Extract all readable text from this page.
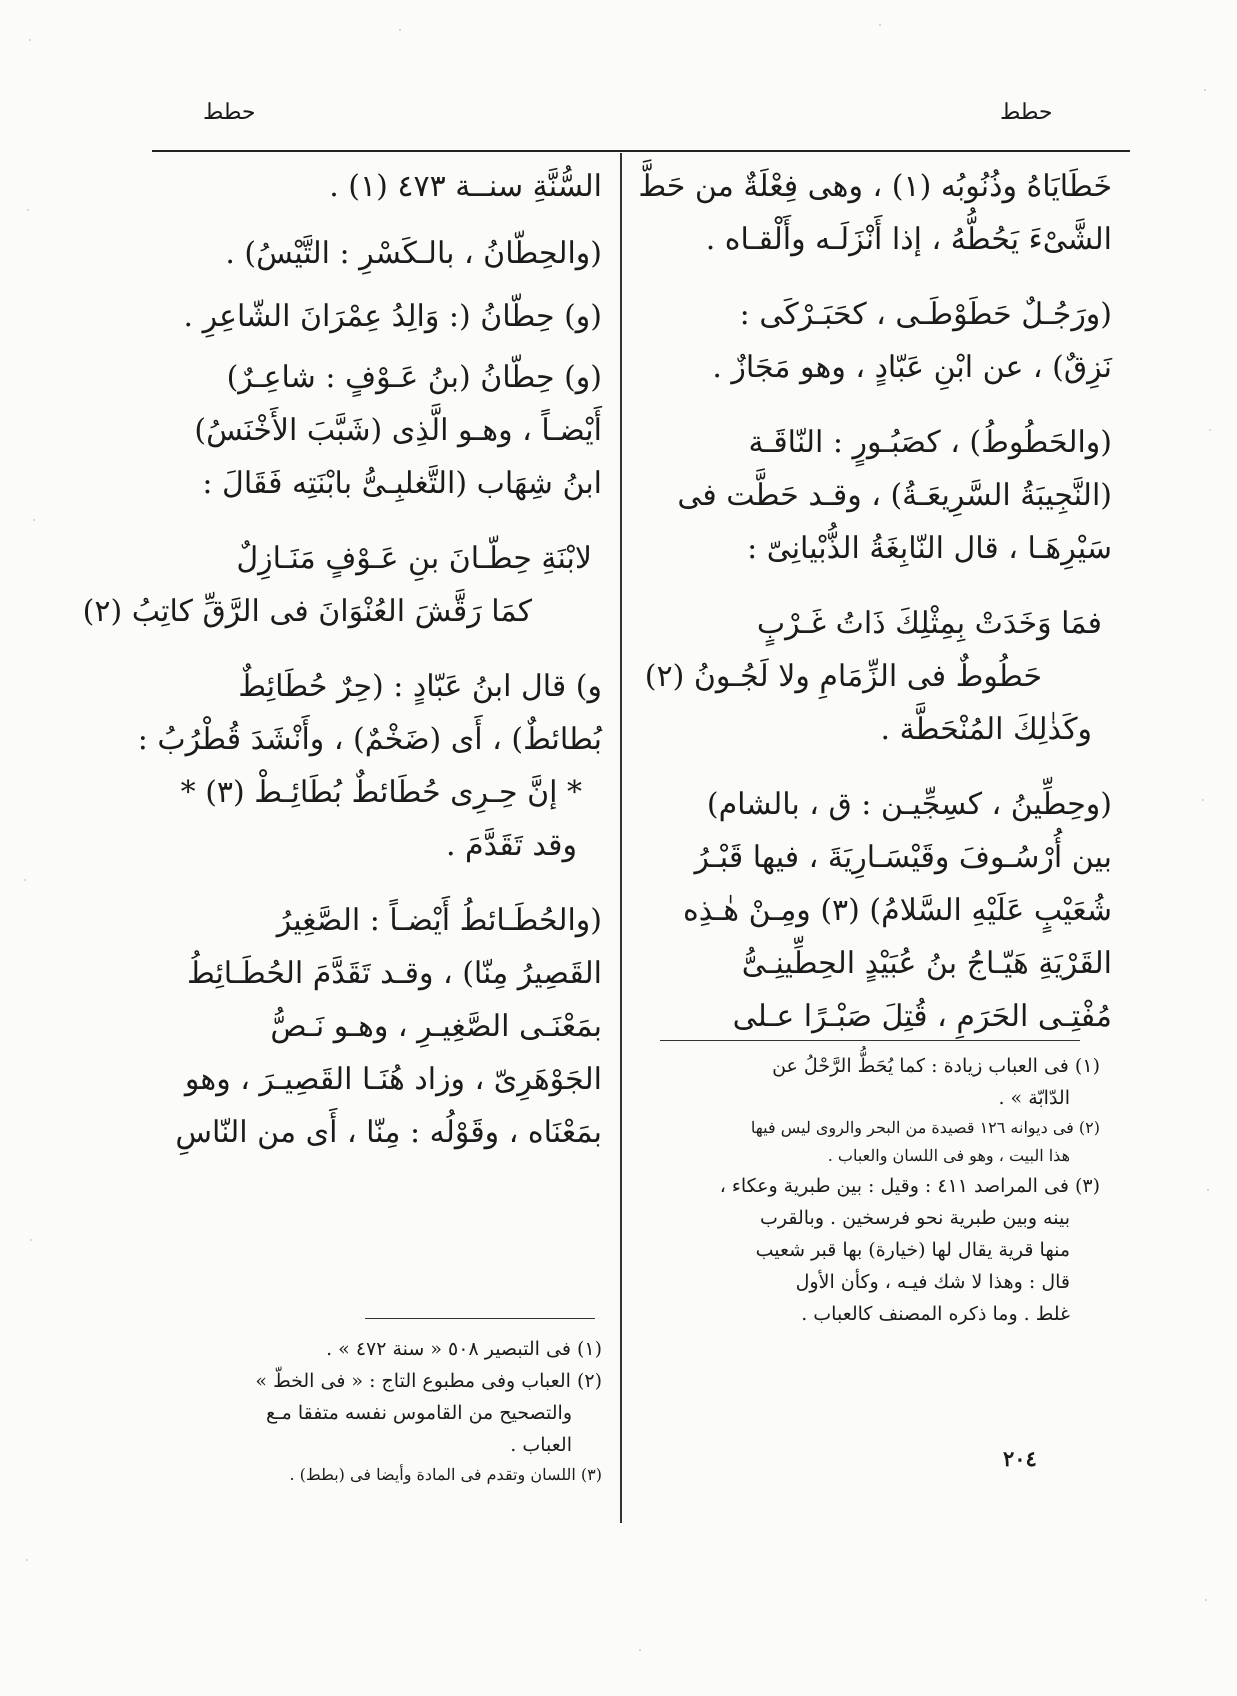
حطط
حطط
خَطَايَاهُ وذُنُوبُه (١) ، وهى فِعْلَةٌ من حَطَّ
الشَّىْءَ يَحُطُّهُ ، إذا أَنْزَلَـه وأَلْقـاه .
(ورَجُـلٌ حَطَوْطَـى ، كحَبَـرْكَى :
نَزِقٌ) ، عن ابْنِ عَبّادٍ ، وهو مَجَازٌ .
(والحَطُوطُ) ، كصَبُـورٍ : النّاقَـة
(النَّجِيبَةُ السَّرِيعَـةُ) ، وقـد حَطَّت فى
سَيْرِهَـا ، قال النّابِغَةُ الذُّبْيانِىّ :
فمَا وَخَدَتْ بِمِثْلِكَ ذَاتُ غَـرْبٍ
حَطُوطٌ فى الزِّمَامِ ولا لَجُـونُ (٢)
وكَذٰلِكَ المُنْحَطَّة .
(وحِطِّينُ ، كسِجِّيـن : ق ، بالشام)
بين أُرْسُـوفَ وقَيْسَـارِيَةَ ، فيها قَبْـرُ
شُعَيْبٍ عَلَيْهِ السَّلامُ) (٣) ومِـنْ هٰـذِه
القَرْيَةِ هَيّـاجُ بنُ عُبَيْدٍ الحِطِّينِـىُّ
مُفْتِـى الحَرَمِ ، قُتِلَ صَبْـرًا عـلى
(١) فى العباب زيادة : كما يُحَطُّ الرَّحْلُ عن
الدّابّة » .
(٢) فى ديوانه ١٢٦ قصيدة من البحر والروى ليس فيها
هذا البيت ، وهو فى اللسان والعباب .
(٣) فى المراصد ٤١١ : وقيل : بين طبرية وعكاء ،
بينه وبين طبرية نحو فرسخين . وبالقرب
منها قرية يقال لها (خيارة) بها قبر شعيب
قال : وهذا لا شك فيـه ، وكأن الأول
غلط . وما ذكره المصنف كالعباب .
السُّنَّةِ سنــة ٤٧٣ (١) .
(والحِطّانُ ، بالـكَسْرِ : التَّيْسُ) .
(و) حِطّانُ (: وَالِدُ عِمْرَانَ الشّاعِرِ .
(و) حِطّانُ (بنُ عَـوْفٍ : شاعِـرٌ)
أَيْضـاً ، وهـو الَّذِى (شَبَّبَ الأَخْنَسُ)
ابنُ شِهَاب (التَّغلبِـىُّ بابْنَتِه فَقَالَ :
لابْنَةِ حِطّـانَ بنِ عَـوْفٍ مَنَـازِلٌ
كمَا رَقَّشَ العُنْوَانَ فى الرَّقِّ كاتِبُ (٢)
و) قال ابنُ عَبّادٍ : (حِرٌ حُطَائِطٌ
بُطائطٌ) ، أَى (ضَخْمٌ) ، وأَنْشَدَ قُطْرُبُ :
* إنَّ حِـرِى حُطَائطٌ بُطَائِـطْ (٣) *
وقد تَقَدَّمَ .
(والحُطَـائطُ أَيْضـاً : الصَّغِيرُ
القَصِيرُ مِنّا) ، وقـد تَقَدَّمَ الحُطَـائِطُ
بمَعْنَـى الصَّغِيـرِ ، وهـو نَـصُّ
الجَوْهَرِىّ ، وزاد هُنَـا القَصِيـرَ ، وهو
بمَعْنَاه ، وقَوْلُه : مِنّا ، أَى من النّاسِ
(١) فى التبصير ٥٠٨ « سنة ٤٧٢ » .
(٢) العباب وفى مطبوع التاج : « فى الخطّ »
والتصحيح من القاموس نفسه متفقا مـع
العباب .
(٣) اللسان وتقدم فى المادة وأيضا فى (بطط) .
٢٠٤
